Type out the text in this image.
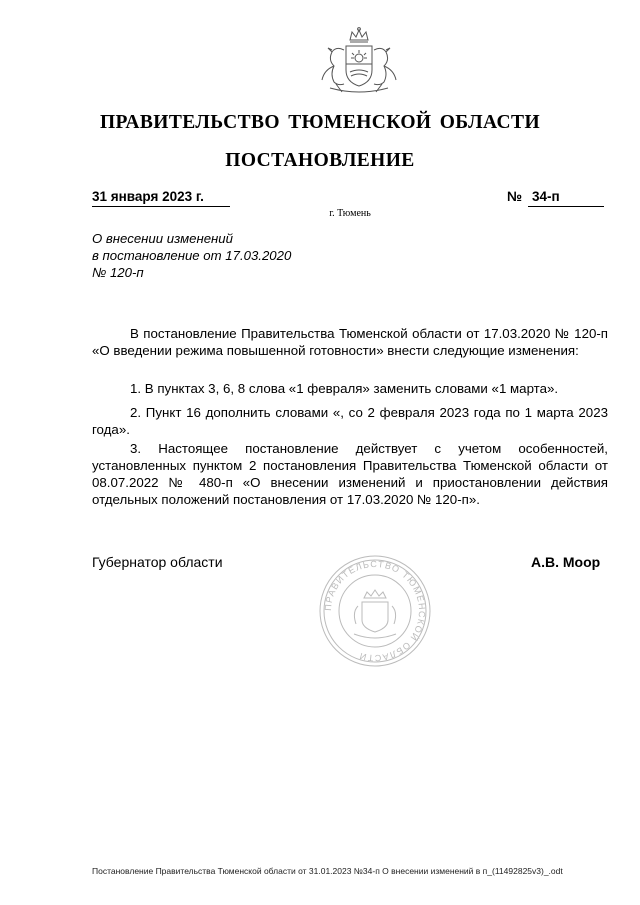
ПРАВИТЕЛЬСТВО ТЮМЕНСКОЙ ОБЛАСТИ
ПОСТАНОВЛЕНИЕ
31 января 2023 г.	№ 34-п
г. Тюмень
О внесении изменений
в постановление от 17.03.2020
№ 120-п
В постановление Правительства Тюменской области от 17.03.2020 № 120-п «О введении режима повышенной готовности» внести следующие изменения:
1. В пунктах 3, 6, 8 слова «1 февраля» заменить словами «1 марта».
2. Пункт 16 дополнить словами «, со 2 февраля 2023 года по 1 марта 2023 года».
3. Настоящее постановление действует с учетом особенностей, установленных пунктом 2 постановления Правительства Тюменской области от 08.07.2022 № 480-п «О внесении изменений и приостановлении действия отдельных положений постановления от 17.03.2020 № 120-п».
Губернатор области	А.В. Моор
ПРАВИТЕЛЬСТВО ТЮМЕНСКОЙ ОБЛАСТИ
Постановление Правительства Тюменской области от 31.01.2023 №34-п О внесении изменений в п_(11492825v3)_.odt
